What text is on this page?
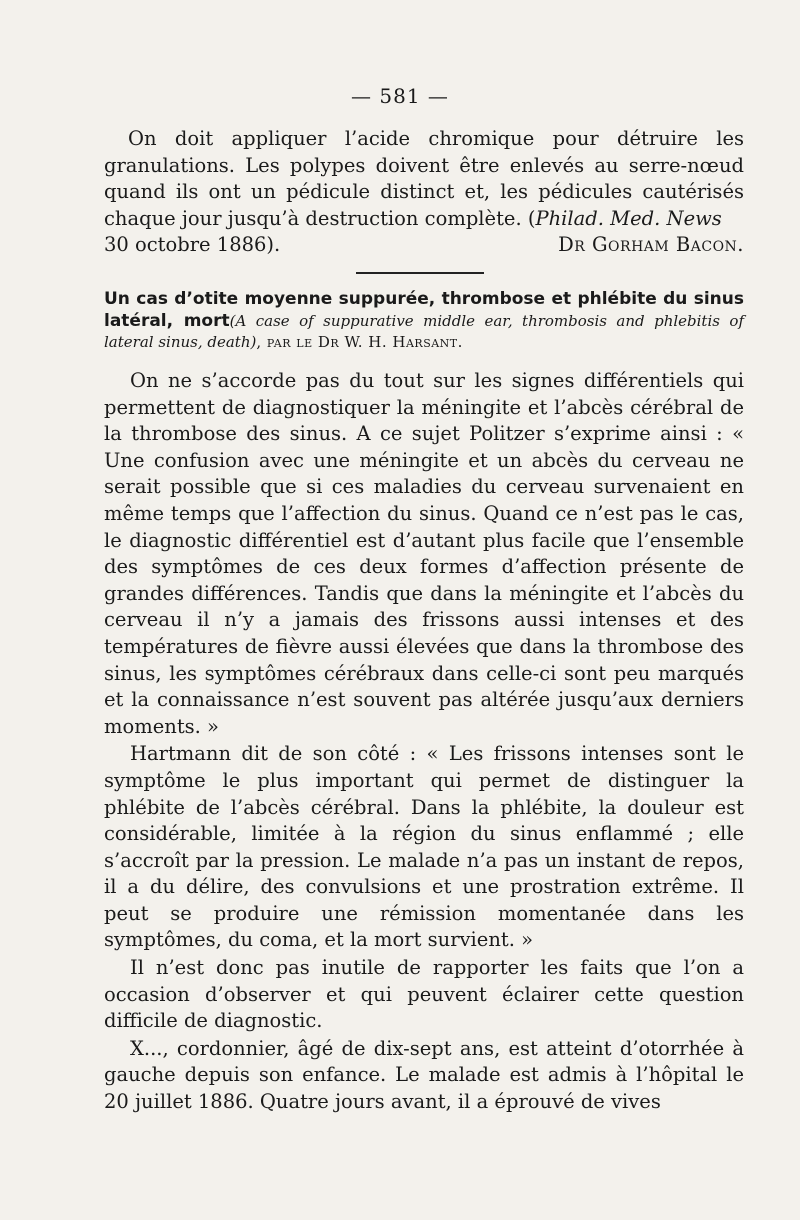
— 581 —
On doit appliquer l’acide chromique pour détruire les granulations. Les polypes doivent être enlevés au serre-nœud quand ils ont un pédicule distinct et, les pédicules cautérisés chaque jour jusqu’à destruction complète. (Philad. Med. News
30 octobre 1886).	Dr Gorham Bacon.
Un cas d’otite moyenne suppurée, thrombose et phlébite du sinus latéral, mort(A case of suppurative middle ear, thrombosis and phlebitis of lateral sinus, death), par le Dr W. H. Harsant.

On ne s’accorde pas du tout sur les signes différentiels qui permettent de diagnostiquer la méningite et l’abcès cérébral de la thrombose des sinus. A ce sujet Politzer s’exprime ainsi : « Une confusion avec une méningite et un abcès du cerveau ne serait possible que si ces maladies du cerveau survenaient en même temps que l’affection du sinus. Quand ce n’est pas le cas, le diagnostic différentiel est d’autant plus facile que l’ensemble des symptômes de ces deux formes d’affection présente de grandes différences. Tandis que dans la méningite et l’abcès du cerveau il n’y a jamais des frissons aussi intenses et des températures de fièvre aussi élevées que dans la thrombose des sinus, les symptômes cérébraux dans celle-ci sont peu marqués et la connaissance n’est souvent pas altérée jusqu’aux derniers moments. »

Hartmann dit de son côté : « Les frissons intenses sont le symptôme le plus important qui permet de distinguer la phlébite de l’abcès cérébral. Dans la phlébite, la douleur est considérable, limitée à la région du sinus enflammé ; elle s’accroît par la pression. Le malade n’a pas un instant de repos, il a du délire, des convulsions et une prostration extrême. Il peut se produire une rémission momentanée dans les symptômes, du coma, et la mort survient. »

Il n’est donc pas inutile de rapporter les faits que l’on a occasion d’observer et qui peuvent éclairer cette question difficile de diagnostic.

X..., cordonnier, âgé de dix-sept ans, est atteint d’otorrhée à gauche depuis son enfance. Le malade est admis à l’hôpital le 20 juillet 1886. Quatre jours avant, il a éprouvé de vives
